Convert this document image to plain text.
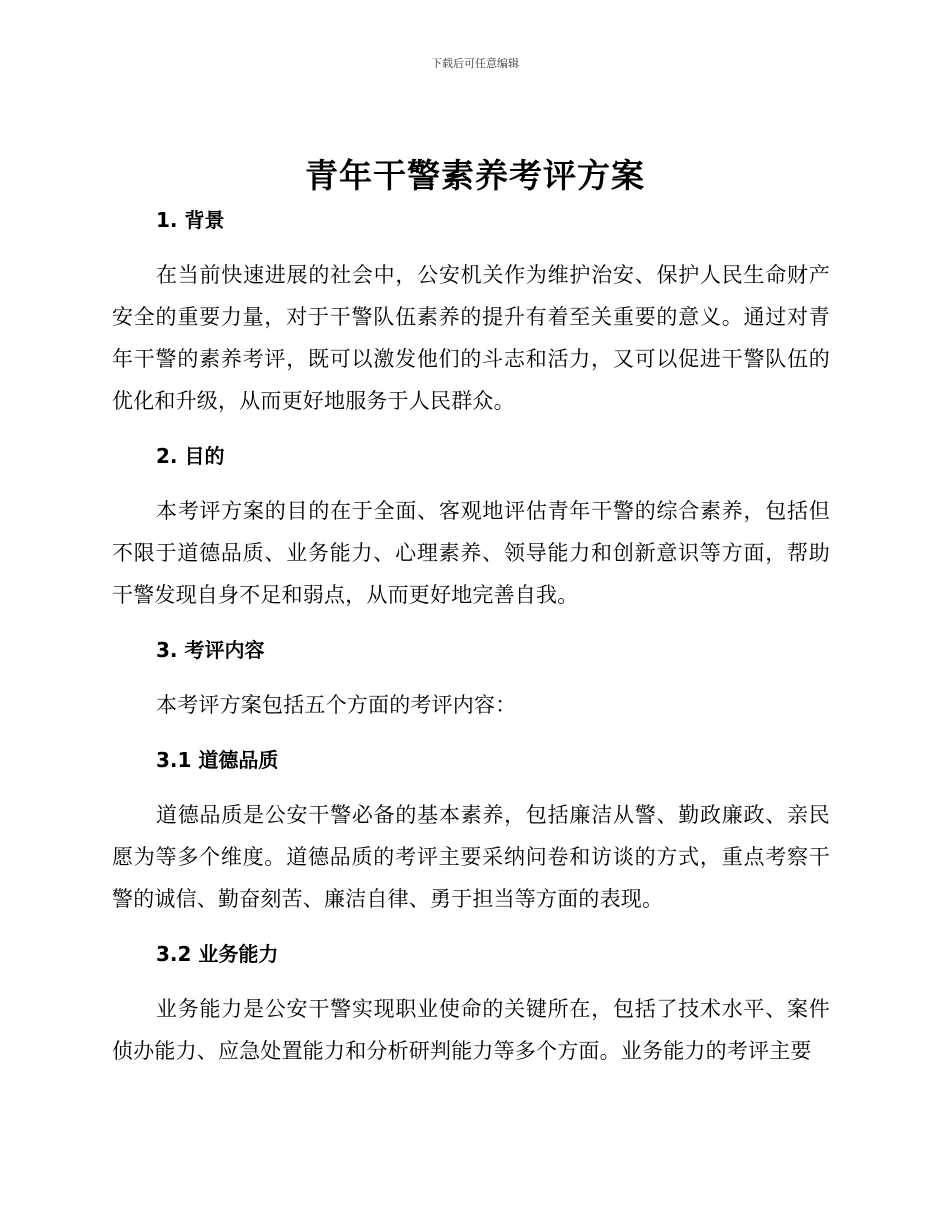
下载后可任意编辑
青年干警素养考评方案
1. 背景

在当前快速进展的社会中，公安机关作为维护治安、保护人民生命财产安全的重要力量，对于干警队伍素养的提升有着至关重要的意义。通过对青年干警的素养考评，既可以激发他们的斗志和活力，又可以促进干警队伍的优化和升级，从而更好地服务于人民群众。

2. 目的

本考评方案的目的在于全面、客观地评估青年干警的综合素养，包括但不限于道德品质、业务能力、心理素养、领导能力和创新意识等方面，帮助干警发现自身不足和弱点，从而更好地完善自我。

3. 考评内容

本考评方案包括五个方面的考评内容：

3.1 道德品质

道德品质是公安干警必备的基本素养，包括廉洁从警、勤政廉政、亲民愿为等多个维度。道德品质的考评主要采纳问卷和访谈的方式，重点考察干警的诚信、勤奋刻苦、廉洁自律、勇于担当等方面的表现。

3.2 业务能力

业务能力是公安干警实现职业使命的关键所在，包括了技术水平、案件侦办能力、应急处置能力和分析研判能力等多个方面。业务能力的考评主要
